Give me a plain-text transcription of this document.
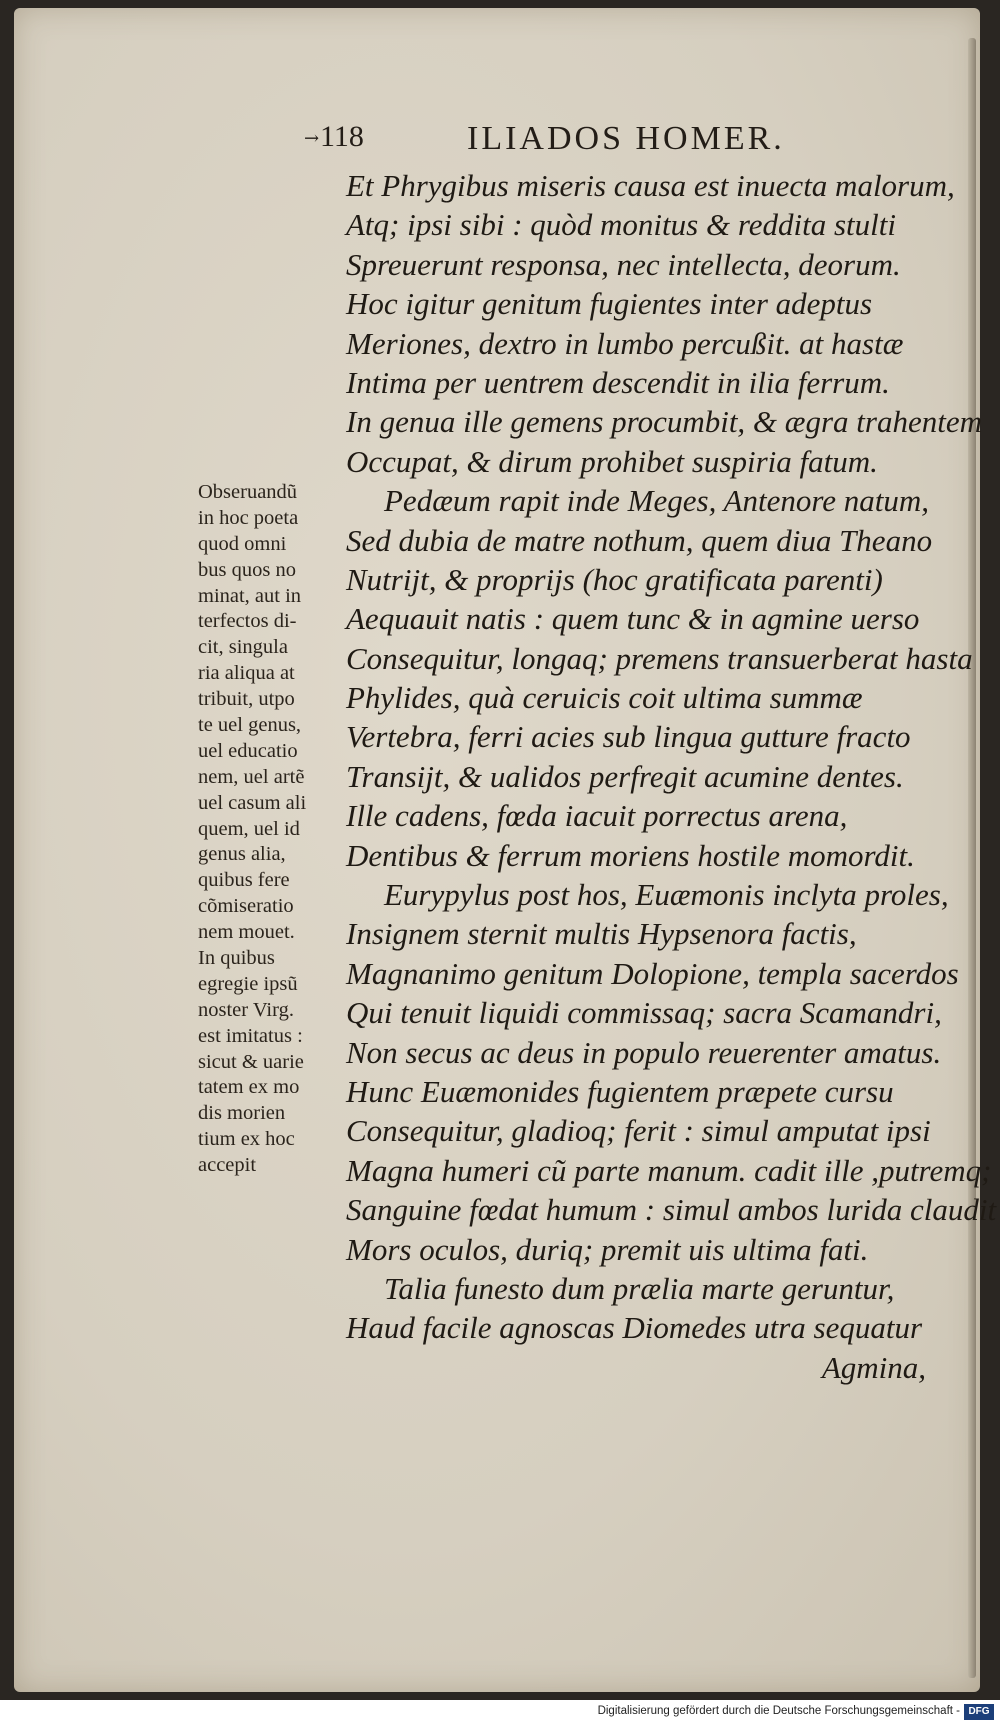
→ 118	ILIADOS HOMER.
Obseruandũ
in hoc poeta
quod omni
bus quos no
minat, aut in
terfectos di-
cit, singula
ria aliqua at
tribuit, utpo
te uel genus,
uel educatio
nem, uel artẽ
uel casum ali
quem, uel id
genus alia,
quibus fere
cõmiseratio
nem mouet.
In quibus
egregie ipsũ
noster Virg.
est imitatus :
sicut & uarie
tatem ex mo
dis morien
tium ex hoc
accepit
Et Phrygibus miseris causa est inuecta malorum,
Atq; ipsi sibi : quòd monitus & reddita stulti
Spreuerunt responsa, nec intellecta, deorum.
Hoc igitur genitum fugientes inter adeptus
Meriones, dextro in lumbo percußit. at hastæ
Intima per uentrem descendit in ilia ferrum.
In genua ille gemens procumbit, & ægra trahentem
Occupat, & dirum prohibet suspiria fatum.
Pedæum rapit inde Meges, Antenore natum,
Sed dubia de matre nothum, quem diua Theano
Nutrijt, & proprijs (hoc gratificata parenti)
Aequauit natis : quem tunc & in agmine uerso
Consequitur, longaq; premens transuerberat hasta
Phylides, quà ceruicis coit ultima summæ
Vertebra, ferri acies sub lingua gutture fracto
Transijt, & ualidos perfregit acumine dentes.
Ille cadens, fœda iacuit porrectus arena,
Dentibus & ferrum moriens hostile momordit.
Eurypylus post hos, Euæmonis inclyta proles,
Insignem sternit multis Hypsenora factis,
Magnanimo genitum Dolopione, templa sacerdos
Qui tenuit liquidi commissaq; sacra Scamandri,
Non secus ac deus in populo reuerenter amatus.
Hunc Euæmonides fugientem præpete cursu
Consequitur, gladioq; ferit : simul amputat ipsi
Magna humeri cũ parte manum. cadit ille ,putremq;
Sanguine fœdat humum : simul ambos lurida claudit
Mors oculos, duriq; premit uis ultima fati.
Talia funesto dum prælia marte geruntur,
Haud facile agnoscas Diomedes utra sequatur
Agmina,
Digitalisierung gefördert durch die Deutsche Forschungsgemeinschaft - DFG
